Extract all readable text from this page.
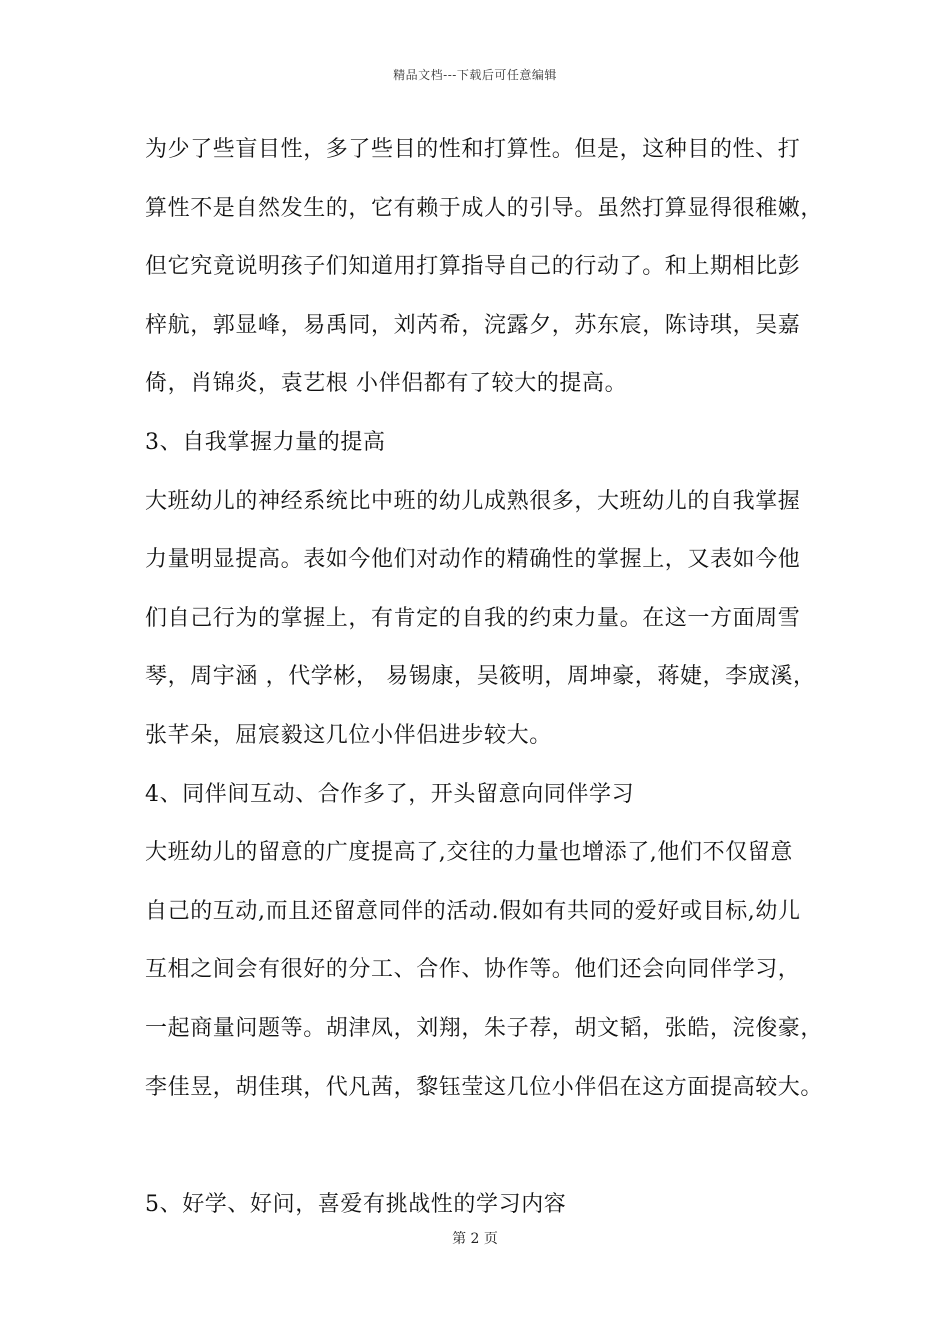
精品文档---下载后可任意编辑
为少了些盲目性，多了些目的性和打算性。但是，这种目的性、打
算性不是自然发生的，它有赖于成人的引导。虽然打算显得很稚嫩，
但它究竟说明孩子们知道用打算指导自己的行动了。和上期相比彭
梓航，郭显峰，易禹同，刘芮希，浣露夕，苏东宸，陈诗琪，吴嘉
倚，肖锦炎，袁艺根 小伴侣都有了较大的提高。
3、自我掌握力量的提高
大班幼儿的神经系统比中班的幼儿成熟很多，大班幼儿的自我掌握
力量明显提高。表如今他们对动作的精确性的掌握上，又表如今他
们自己行为的掌握上，有肯定的自我的约束力量。在这一方面周雪
琴，周宇涵 ，代学彬， 易锡康，吴筱明，周坤豪，蒋婕，李宬溪，
张芊朵，屈宸毅这几位小伴侣进步较大。
4、同伴间互动、合作多了，开头留意向同伴学习
大班幼儿的留意的广度提高了,交往的力量也增添了,他们不仅留意
自己的互动,而且还留意同伴的活动.假如有共同的爱好或目标,幼儿
互相之间会有很好的分工、合作、协作等。他们还会向同伴学习，
一起商量问题等。胡津凤，刘翔，朱子荐，胡文韬，张皓，浣俊豪，
李佳昱，胡佳琪，代凡茜，黎钰莹这几位小伴侣在这方面提高较大。
5、好学、好问，喜爱有挑战性的学习内容
第 2 页
